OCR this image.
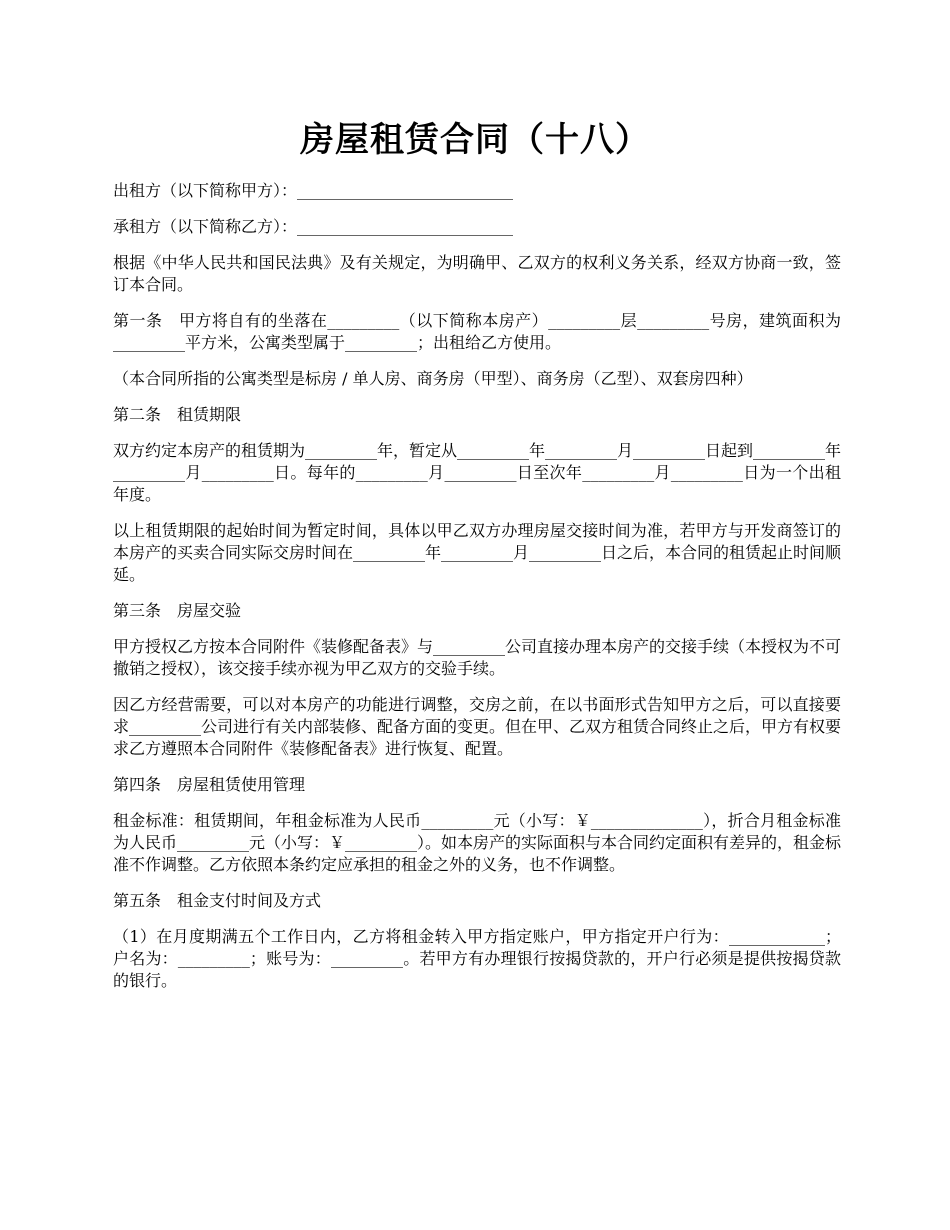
房屋租赁合同（十八）

出租方（以下简称甲方）：___________________________

承租方（以下简称乙方）：___________________________

根据《中华人民共和国民法典》及有关规定，为明确甲、乙双方的权利义务关系，经双方协商一致，签订本合同。

第一条　甲方将自有的坐落在_________（以下简称本房产）_________层_________号房，建筑面积为_________平方米，公寓类型属于_________；出租给乙方使用。

（本合同所指的公寓类型是标房 / 单人房、商务房（甲型）、商务房（乙型）、双套房四种）

第二条　租赁期限

双方约定本房产的租赁期为_________年，暂定从_________年_________月_________日起到_________年_________月_________日。每年的_________月_________日至次年_________月_________日为一个出租年度。

以上租赁期限的起始时间为暂定时间，具体以甲乙双方办理房屋交接时间为准，若甲方与开发商签订的本房产的买卖合同实际交房时间在_________年_________月_________日之后，本合同的租赁起止时间顺延。

第三条　房屋交验

甲方授权乙方按本合同附件《装修配备表》与_________公司直接办理本房产的交接手续（本授权为不可撤销之授权），该交接手续亦视为甲乙双方的交验手续。

因乙方经营需要，可以对本房产的功能进行调整，交房之前，在以书面形式告知甲方之后，可以直接要求_________公司进行有关内部装修、配备方面的变更。但在甲、乙双方租赁合同终止之后，甲方有权要求乙方遵照本合同附件《装修配备表》进行恢复、配置。

第四条　房屋租赁使用管理

租金标准：租赁期间，年租金标准为人民币_________元（小写：￥______________），折合月租金标准为人民币_________元（小写：￥_________）。如本房产的实际面积与本合同约定面积有差异的，租金标准不作调整。乙方依照本条约定应承担的租金之外的义务，也不作调整。

第五条　租金支付时间及方式

（1）在月度期满五个工作日内，乙方将租金转入甲方指定账户，甲方指定开户行为：____________；户名为：_________；账号为：_________。若甲方有办理银行按揭贷款的，开户行必须是提供按揭贷款的银行。
